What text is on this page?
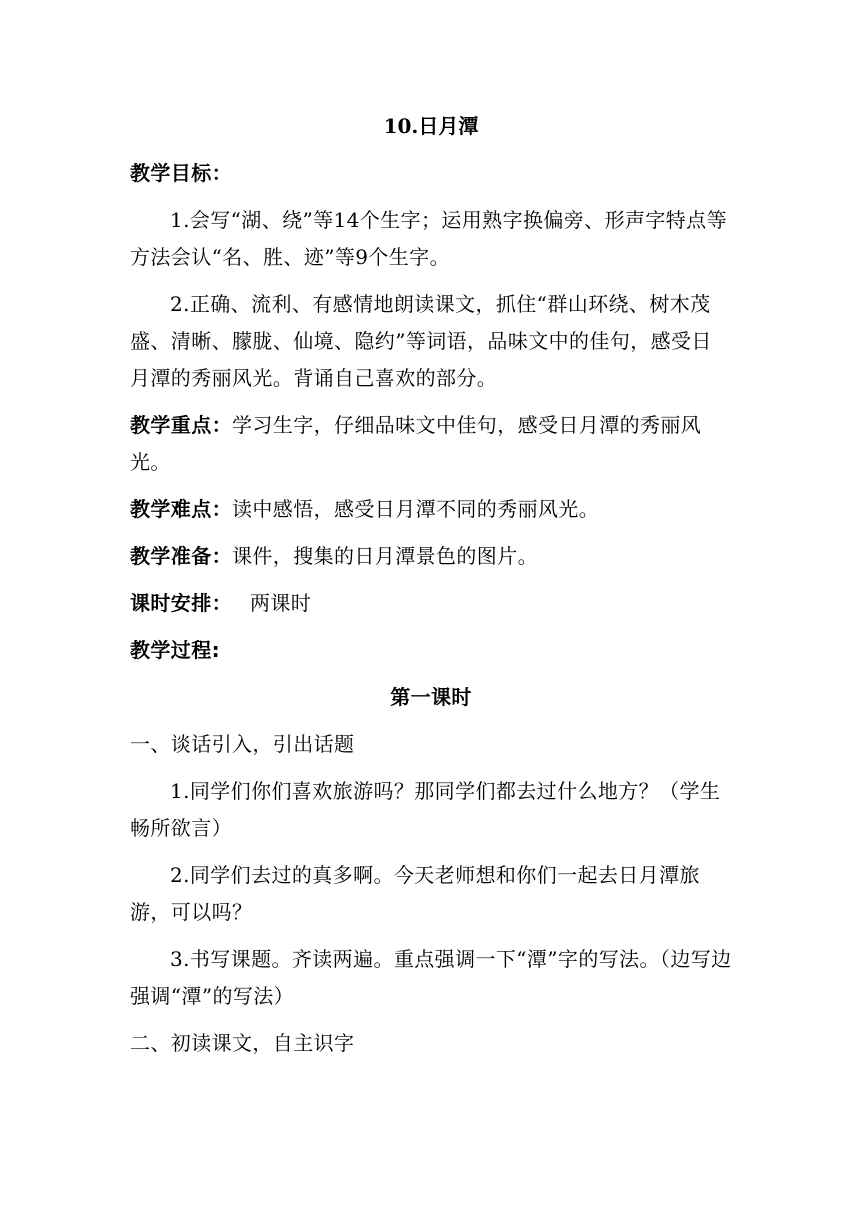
10.日月潭
教学目标：
1.会写“湖、绕”等14个生字；运用熟字换偏旁、形声字特点等方法会认“名、胜、迹”等9个生字。
2.正确、流利、有感情地朗读课文，抓住“群山环绕、树木茂盛、清晰、朦胧、仙境、隐约”等词语，品味文中的佳句，感受日月潭的秀丽风光。背诵自己喜欢的部分。
教学重点：学习生字，仔细品味文中佳句，感受日月潭的秀丽风光。
教学难点：读中感悟，感受日月潭不同的秀丽风光。
教学准备：课件，搜集的日月潭景色的图片。
课时安排： 两课时
教学过程:
第一课时
一、谈话引入，引出话题
1.同学们你们喜欢旅游吗？那同学们都去过什么地方？（学生畅所欲言）
2.同学们去过的真多啊。今天老师想和你们一起去日月潭旅游，可以吗？
3.书写课题。齐读两遍。重点强调一下“潭”字的写法。（边写边强调“潭”的写法）
二、初读课文，自主识字
